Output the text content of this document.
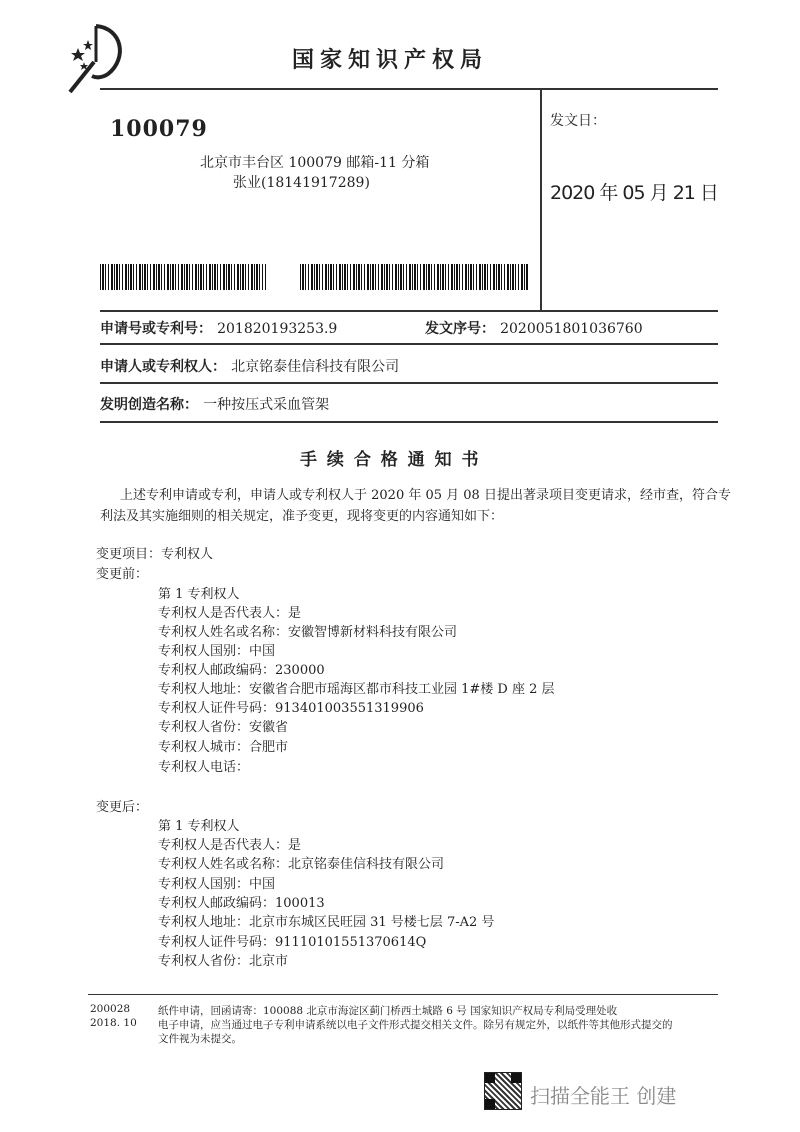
国家知识产权局
100079
北京市丰台区 100079 邮箱-11 分箱
张业(18141917289)
发文日：
2020 年 05 月 21 日
申请号或专利号： 201820193253.9	发文序号： 2020051801036760
申请人或专利权人： 北京铭泰佳信科技有限公司
发明创造名称： 一种按压式采血管架
手 续 合 格 通 知 书
上述专利申请或专利，申请人或专利权人于 2020 年 05 月 08 日提出著录项目变更请求，经市查，符合专
利法及其实施细则的相关规定，准予变更，现将变更的内容通知如下：
变更项目：专利权人
变更前：
第 1 专利权人
专利权人是否代表人：是
专利权人姓名或名称：安徽智博新材料科技有限公司
专利权人国别：中国
专利权人邮政编码：230000
专利权人地址：安徽省合肥市瑶海区都市科技工业园 1#楼 D 座 2 层
专利权人证件号码：913401003551319906
专利权人省份：安徽省
专利权人城市：合肥市
专利权人电话：
变更后：
第 1 专利权人
专利权人是否代表人：是
专利权人姓名或名称：北京铭泰佳信科技有限公司
专利权人国别：中国
专利权人邮政编码：100013
专利权人地址：北京市东城区民旺园 31 号楼七层 7-A2 号
专利权人证件号码：91110101551370614Q
专利权人省份：北京市
200028
2018. 10
纸件申请，回函请寄：100088 北京市海淀区蓟门桥西土城路 6 号 国家知识产权局专利局受理处收
电子申请，应当通过电子专利申请系统以电子文件形式提交相关文件。除另有规定外，以纸件等其他形式提交的
文件视为未提交。
扫描全能王 创建
